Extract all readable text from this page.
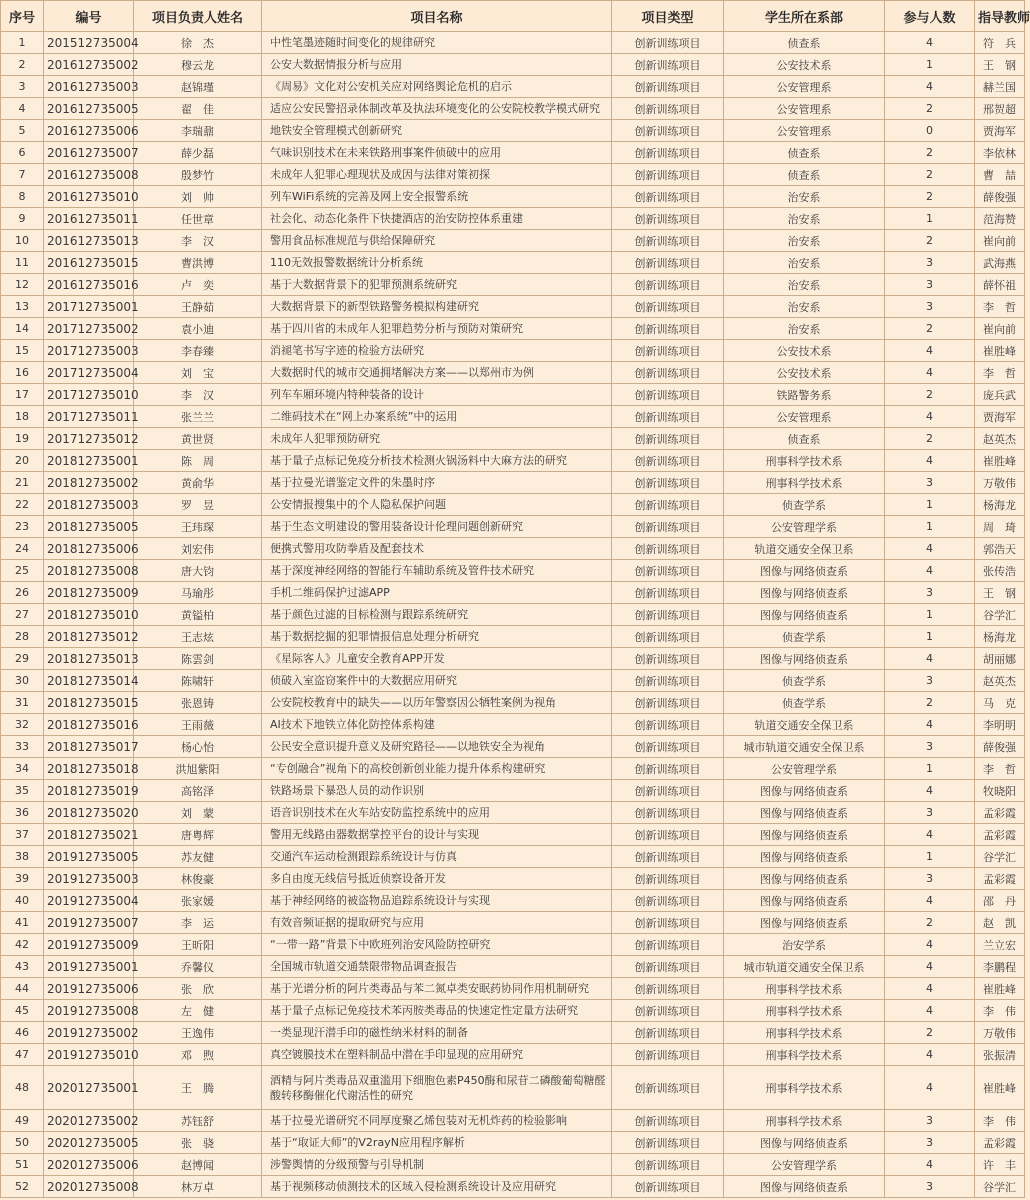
序号	编号	项目负责人姓名	项目名称	项目类型	学生所在系部	参与人数	指导教师
1	201512735004	徐　杰	中性笔墨迹随时间变化的规律研究	创新训练项目	侦查系	4	符　兵
2	201612735002	穆云龙	公安大数据情报分析与应用	创新训练项目	公安技术系	1	王　钢
3	201612735003	赵锦瑾	《周易》文化对公安机关应对网络舆论危机的启示	创新训练项目	公安管理系	4	赫兰国
4	201612735005	翟　佳	适应公安民警招录体制改革及执法环境变化的公安院校教学模式研究	创新训练项目	公安管理系	2	邢贺超
5	201612735006	李瑞鼐	地铁安全管理模式创新研究	创新训练项目	公安管理系	0	贾海军
6	201612735007	薛少磊	气味识别技术在未来铁路刑事案件侦破中的应用	创新训练项目	侦查系	2	李依林
7	201612735008	殷梦竹	未成年人犯罪心理现状及成因与法律对策初探	创新训练项目	侦查系	2	曹　喆
8	201612735010	刘　帅	列车WiFi系统的完善及网上安全报警系统	创新训练项目	治安系	2	薛俊强
9	201612735011	任世章	社会化、动态化条件下快捷酒店的治安防控体系重建	创新训练项目	治安系	1	范海赞
10	201612735013	李　汉	警用食品标准规范与供给保障研究	创新训练项目	治安系	2	崔向前
11	201612735015	曹洪博	110无效报警数据统计分析系统	创新训练项目	治安系	3	武海燕
12	201612735016	卢　奕	基于大数据背景下的犯罪预测系统研究	创新训练项目	治安系	3	薛怀祖
13	201712735001	王静茹	大数据背景下的新型铁路警务模拟构建研究	创新训练项目	治安系	3	李　哲
14	201712735002	袁小迪	基于四川省的未成年人犯罪趋势分析与预防对策研究	创新训练项目	治安系	2	崔向前
15	201712735003	李春臻	消褪笔书写字迹的检验方法研究	创新训练项目	公安技术系	4	崔胜峰
16	201712735004	刘　宝	大数据时代的城市交通拥堵解决方案——以郑州市为例	创新训练项目	公安技术系	4	李　哲
17	201712735010	李　汉	列车车厢环境内特种装备的设计	创新训练项目	铁路警务系	2	庞兵武
18	201712735011	张兰兰	二维码技术在“网上办案系统”中的运用	创新训练项目	公安管理系	4	贾海军
19	201712735012	黄世贤	未成年人犯罪预防研究	创新训练项目	侦查系	2	赵英杰
20	201812735001	陈　周	基于量子点标记免疫分析技术检测火锅汤料中大麻方法的研究	创新训练项目	刑事科学技术系	4	崔胜峰
21	201812735002	黄俞华	基于拉曼光谱鉴定文件的朱墨时序	创新训练项目	刑事科学技术系	3	万敬伟
22	201812735003	罗　昱	公安情报搜集中的个人隐私保护问题	创新训练项目	侦查学系	1	杨海龙
23	201812735005	王玮琛	基于生态文明建设的警用装备设计伦理问题创新研究	创新训练项目	公安管理学系	1	周　琦
24	201812735006	刘宏伟	便携式警用攻防拳盾及配套技术	创新训练项目	轨道交通安全保卫系	4	郭浩天
25	201812735008	唐大钧	基于深度神经网络的智能行车辅助系统及管件技术研究	创新训练项目	图像与网络侦查系	4	张传浩
26	201812735009	马瑜彤	手机二维码保护过滤APP	创新训练项目	图像与网络侦查系	3	王　钢
27	201812735010	黄镒柏	基于颜色过滤的目标检测与跟踪系统研究	创新训练项目	图像与网络侦查系	1	谷学汇
28	201812735012	王志炫	基于数据挖掘的犯罪情报信息处理分析研究	创新训练项目	侦查学系	1	杨海龙
29	201812735013	陈雲剑	《星际客人》儿童安全教育APP开发	创新训练项目	图像与网络侦查系	4	胡丽娜
30	201812735014	陈啸轩	侦破入室盗窃案件中的大数据应用研究	创新训练项目	侦查学系	3	赵英杰
31	201812735015	张恩铸	公安院校教育中的缺失——以历年警察因公牺牲案例为视角	创新训练项目	侦查学系	2	马　克
32	201812735016	王雨薇	AI技术下地铁立体化防控体系构建	创新训练项目	轨道交通安全保卫系	4	李明明
33	201812735017	杨心怡	公民安全意识提升意义及研究路径——以地铁安全为视角	创新训练项目	城市轨道交通安全保卫系	3	薛俊强
34	201812735018	洪旭紫阳	“专创融合”视角下的高校创新创业能力提升体系构建研究	创新训练项目	公安管理学系	1	李　哲
35	201812735019	高铭泽	铁路场景下暴恐人员的动作识别	创新训练项目	图像与网络侦查系	4	牧晓阳
36	201812735020	刘　蒙	语音识别技术在火车站安防监控系统中的应用	创新训练项目	图像与网络侦查系	3	孟彩霞
37	201812735021	唐粤辉	警用无线路由器数据掌控平台的设计与实现	创新训练项目	图像与网络侦查系	4	孟彩霞
38	201912735005	苏友健	交通汽车运动检测跟踪系统设计与仿真	创新训练项目	图像与网络侦查系	1	谷学汇
39	201912735003	林俊豪	多自由度无线信号抵近侦察设备开发	创新训练项目	图像与网络侦查系	3	孟彩霞
40	201912735004	张家媛	基于神经网络的被盗物品追踪系统设计与实现	创新训练项目	图像与网络侦查系	4	邵　丹
41	201912735007	李　运	有效音频证据的提取研究与应用	创新训练项目	图像与网络侦查系	2	赵　凯
42	201912735009	王昕阳	“一带一路”背景下中欧班列治安风险防控研究	创新训练项目	治安学系	4	兰立宏
43	201912735001	乔馨仪	全国城市轨道交通禁限带物品调查报告	创新训练项目	城市轨道交通安全保卫系	4	李鹏程
44	201912735006	张　欣	基于光谱分析的阿片类毒品与苯二氮卓类安眠药协同作用机制研究	创新训练项目	刑事科学技术系	4	崔胜峰
45	201912735008	左　健	基于量子点标记免疫技术苯丙胺类毒品的快速定性定量方法研究	创新训练项目	刑事科学技术系	4	李　伟
46	201912735002	王逸伟	一类显现汗潜手印的磁性纳米材料的制备	创新训练项目	刑事科学技术系	2	万敬伟
47	201912735010	邓　煦	真空镀膜技术在塑料制品中潜在手印显现的应用研究	创新训练项目	刑事科学技术系	4	张振清
48	202012735001	王　腾	酒精与阿片类毒品双重滥用下细胞色素P450酶和尿苷二磷酸葡萄糖醛酸转移酶催化代谢活性的研究	创新训练项目	刑事科学技术系	4	崔胜峰
49	202012735002	苏钰舒	基于拉曼光谱研究不同厚度聚乙烯包装对无机炸药的检验影响	创新训练项目	刑事科学技术系	3	李　伟
50	202012735005	张　骁	基于“取证大师”的V2rayN应用程序解析	创新训练项目	图像与网络侦查系	3	孟彩霞
51	202012735006	赵博闻	涉警舆情的分级预警与引导机制	创新训练项目	公安管理学系	4	许　丰
52	202012735008	林万卓	基于视频移动侦测技术的区域入侵检测系统设计及应用研究	创新训练项目	图像与网络侦查系	3	谷学汇
